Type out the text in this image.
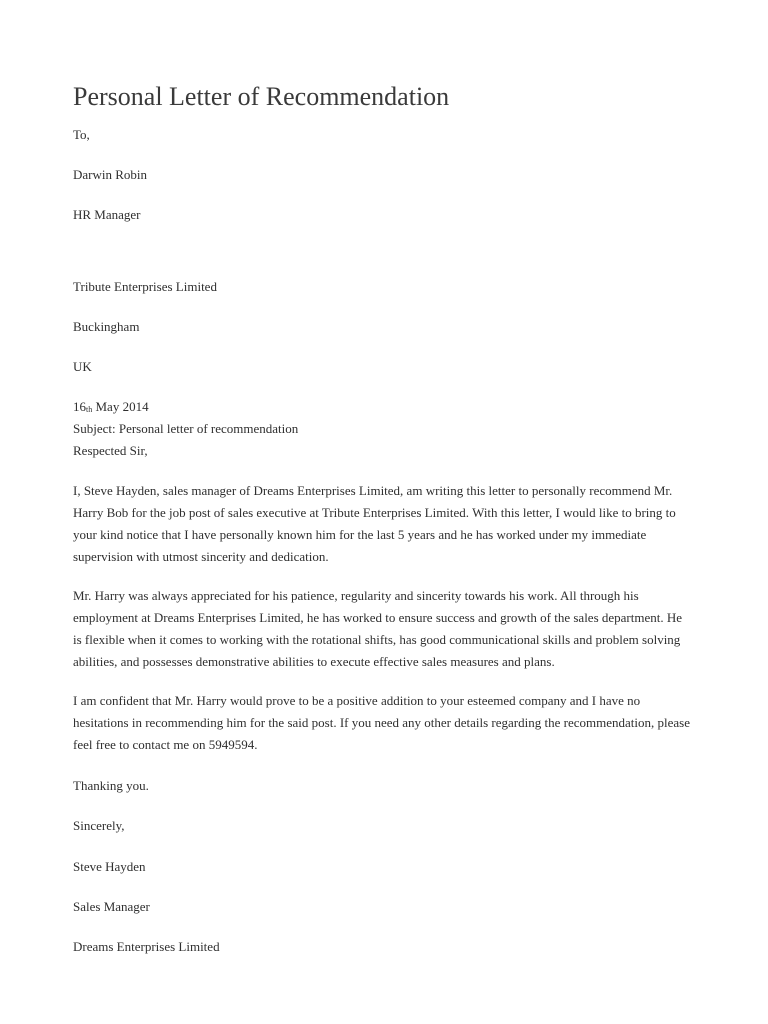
Personal Letter of Recommendation

To,

Darwin Robin

HR Manager

Tribute Enterprises Limited

Buckingham

UK

16th May 2014

Subject: Personal letter of recommendation

Respected Sir,

I, Steve Hayden, sales manager of Dreams Enterprises Limited, am writing this letter to personally recommend Mr. Harry Bob for the job post of sales executive at Tribute Enterprises Limited. With this letter, I would like to bring to your kind notice that I have personally known him for the last 5 years and he has worked under my immediate supervision with utmost sincerity and dedication.

Mr. Harry was always appreciated for his patience, regularity and sincerity towards his work. All through his employment at Dreams Enterprises Limited, he has worked to ensure success and growth of the sales department. He is flexible when it comes to working with the rotational shifts, has good communicational skills and problem solving abilities, and possesses demonstrative abilities to execute effective sales measures and plans.

I am confident that Mr. Harry would prove to be a positive addition to your esteemed company and I have no hesitations in recommending him for the said post. If you need any other details regarding the recommendation, please feel free to contact me on 5949594.

Thanking you.

Sincerely,

Steve Hayden

Sales Manager

Dreams Enterprises Limited
